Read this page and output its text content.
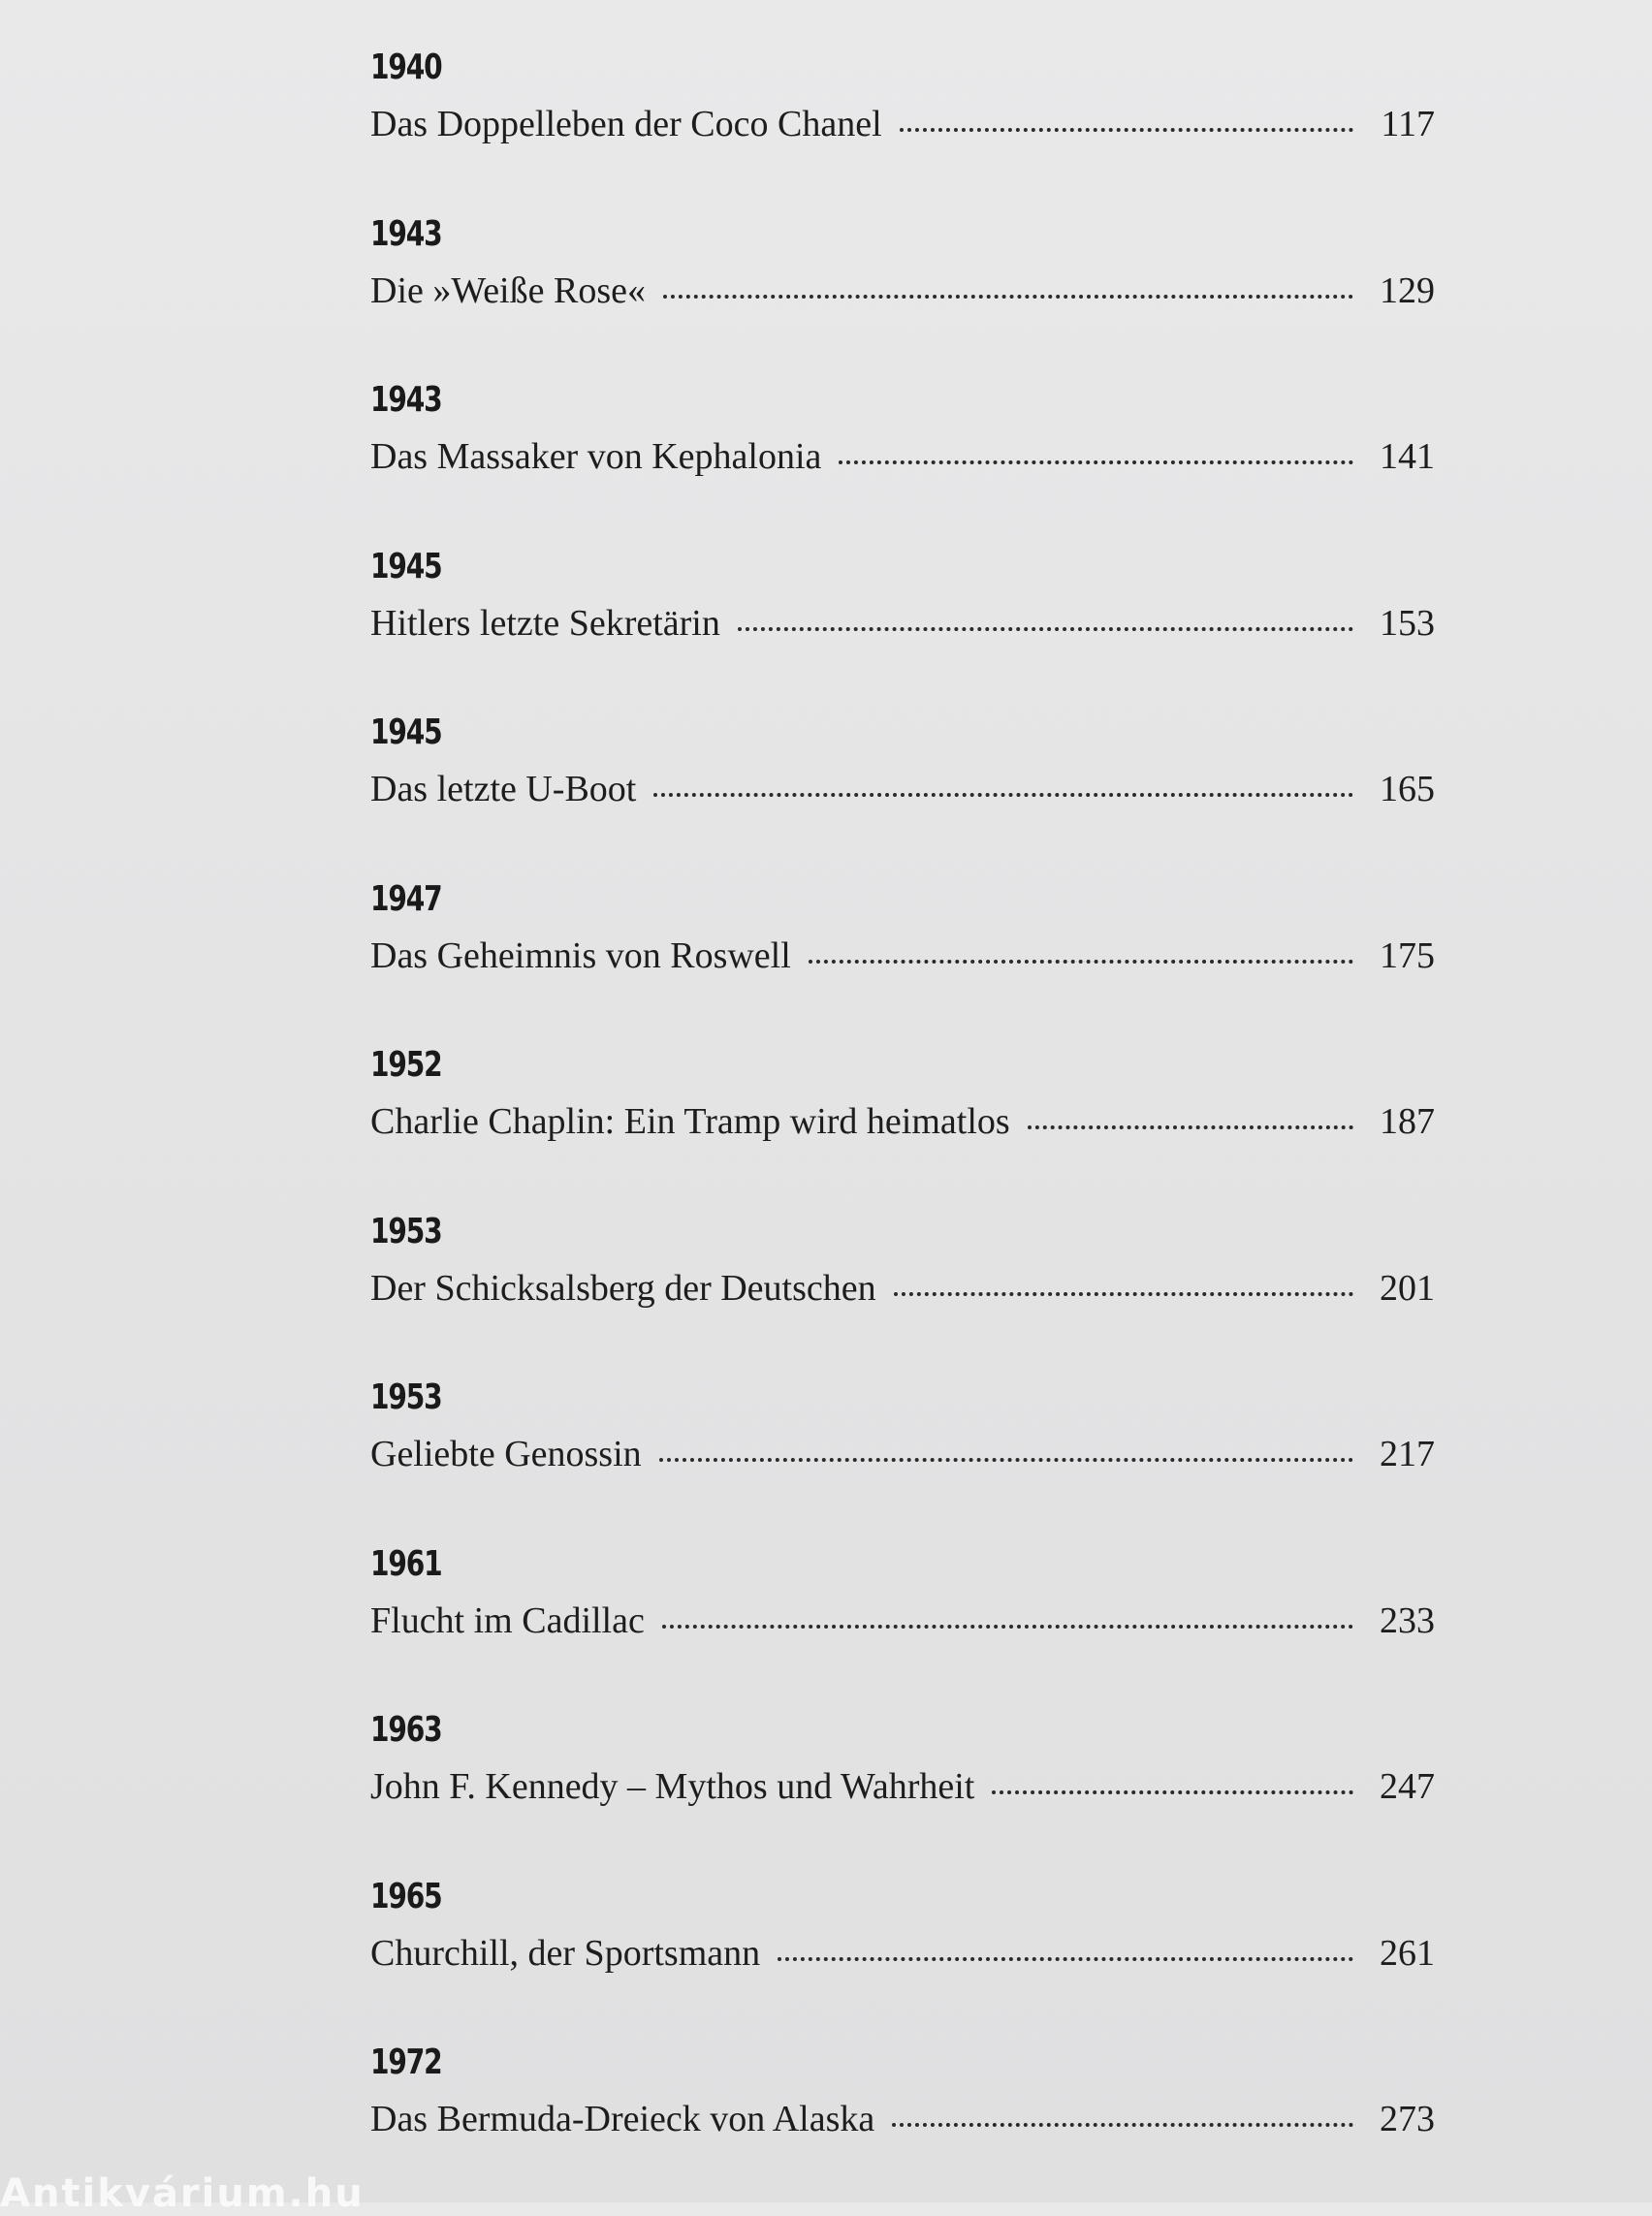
1940
Das Doppelleben der Coco Chanel	117
1943
Die »Weiße Rose«	129
1943
Das Massaker von Kephalonia	141
1945
Hitlers letzte Sekretärin	153
1945
Das letzte U-Boot	165
1947
Das Geheimnis von Roswell	175
1952
Charlie Chaplin: Ein Tramp wird heimatlos	187
1953
Der Schicksalsberg der Deutschen	201
1953
Geliebte Genossin	217
1961
Flucht im Cadillac	233
1963
John F. Kennedy – Mythos und Wahrheit	247
1965
Churchill, der Sportsmann	261
1972
Das Bermuda-Dreieck von Alaska	273
Antikvárium.hu
